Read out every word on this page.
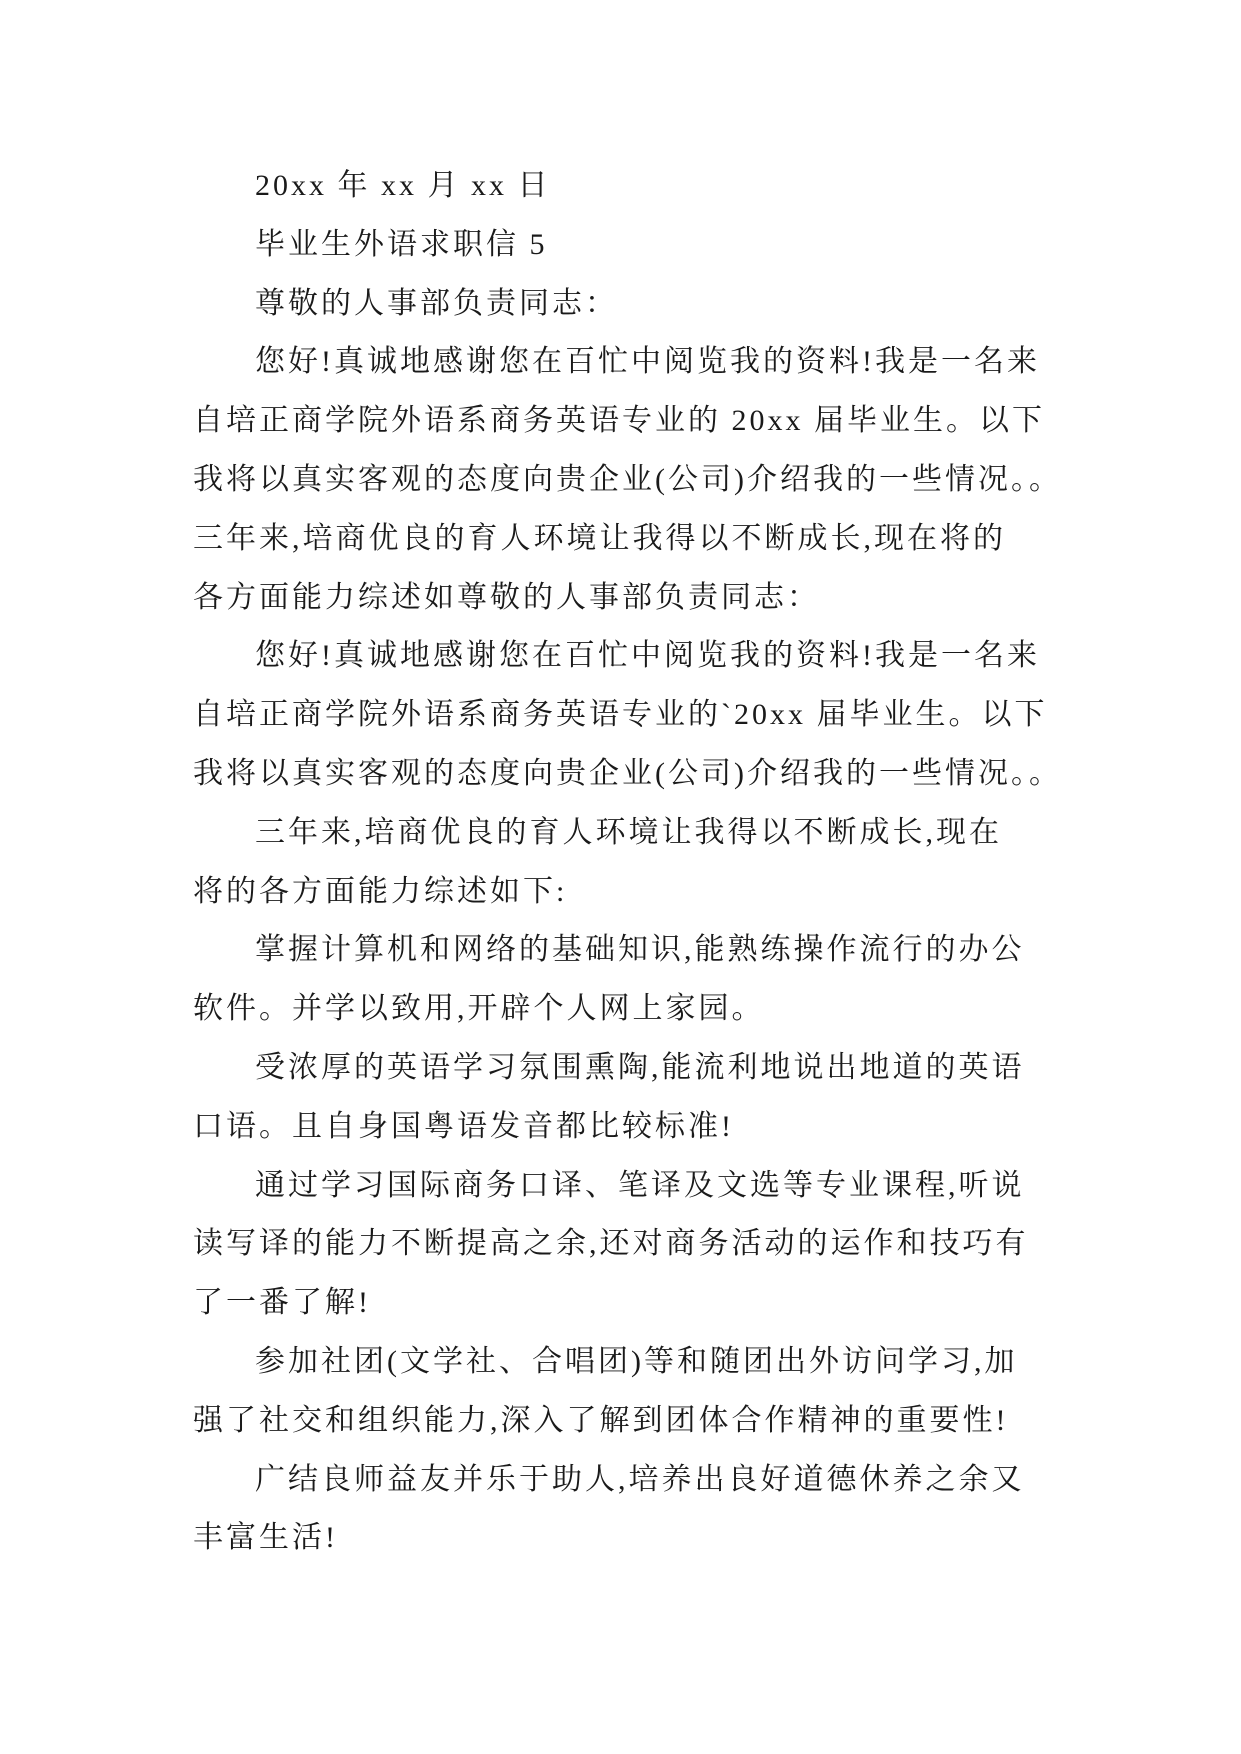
20xx 年 xx 月 xx 日
毕业生外语求职信 5
尊敬的人事部负责同志：
您好!真诚地感谢您在百忙中阅览我的资料!我是一名来
自培正商学院外语系商务英语专业的 20xx 届毕业生。以下
我将以真实客观的态度向贵企业(公司)介绍我的一些情况。。
三年来,培商优良的育人环境让我得以不断成长,现在将的
各方面能力综述如尊敬的人事部负责同志：
您好!真诚地感谢您在百忙中阅览我的资料!我是一名来
自培正商学院外语系商务英语专业的`20xx 届毕业生。以下
我将以真实客观的态度向贵企业(公司)介绍我的一些情况。。
三年来,培商优良的育人环境让我得以不断成长,现在
将的各方面能力综述如下:
掌握计算机和网络的基础知识,能熟练操作流行的办公
软件。并学以致用,开辟个人网上家园。
受浓厚的英语学习氛围熏陶,能流利地说出地道的英语
口语。且自身国粤语发音都比较标准!
通过学习国际商务口译、笔译及文选等专业课程,听说
读写译的能力不断提高之余,还对商务活动的运作和技巧有
了一番了解!
参加社团(文学社、合唱团)等和随团出外访问学习,加
强了社交和组织能力,深入了解到团体合作精神的重要性!
广结良师益友并乐于助人,培养出良好道德休养之余又
丰富生活!
